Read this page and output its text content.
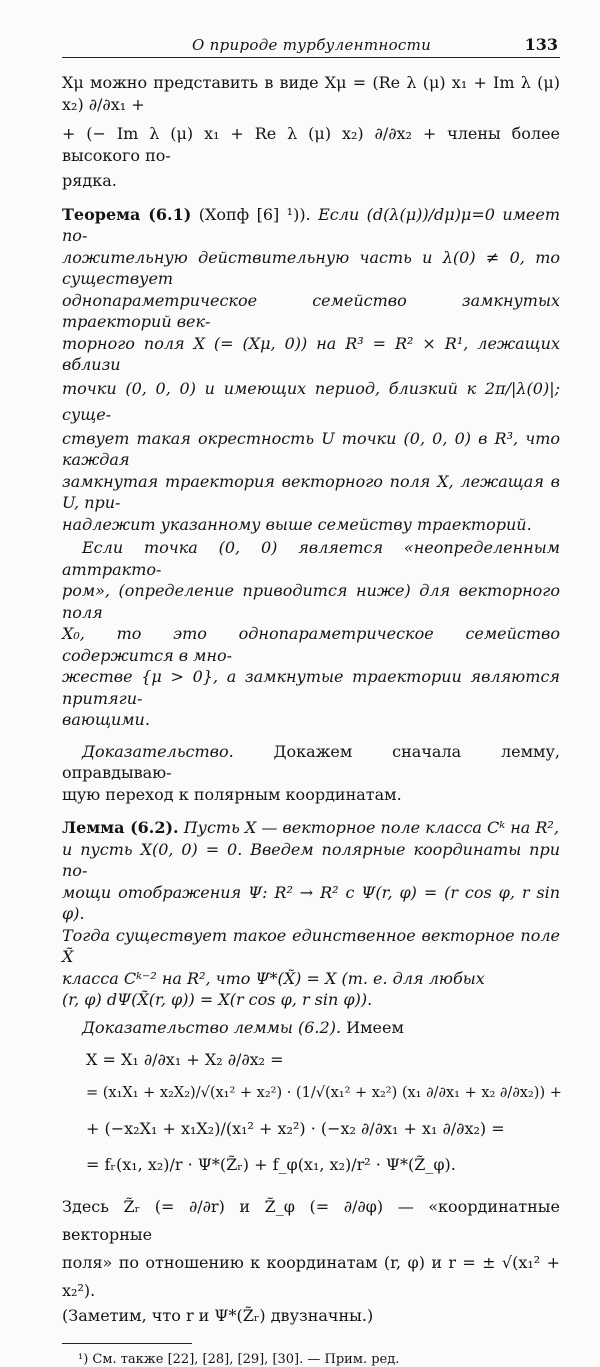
О природе турбулентности	133

Xμ можно представить в виде Xμ = (Re λ (μ) x₁ + Im λ (μ) x₂) ∂/∂x₁ +

+ (− Im λ (μ) x₁ + Re λ (μ) x₂) ∂/∂x₂ + члены более высокого по-

рядка.

Теорема (6.1) (Хопф [6] ¹)). Если (d(λ(μ))/dμ)μ=0 имеет по-

ложительную действительную часть и λ(0) ≠ 0, то существует

однопараметрическое семейство замкнутых траекторий век-

торного поля X (= (Xμ, 0)) на R³ = R² × R¹, лежащих вблизи

точки (0, 0, 0) и имеющих период, близкий к 2π/|λ(0)|; суще-

ствует такая окрестность U точки (0, 0, 0) в R³, что каждая

замкнутая траектория векторного поля X, лежащая в U, при-

надлежит указанному выше семейству траекторий.

Если точка (0, 0) является «неопределенным аттракто-

ром», (определение приводится ниже) для векторного поля

X₀, то это однопараметрическое семейство содержится в мно-

жестве {μ > 0}, а замкнутые траектории являются притяги-

вающими.

Доказательство. Докажем сначала лемму, оправдываю-

щую переход к полярным координатам.

Лемма (6.2). Пусть X — векторное поле класса Cᵏ на R²,

и пусть X(0, 0) = 0. Введем полярные координаты при по-

мощи отображения Ψ: R² → R² с Ψ(r, φ) = (r cos φ, r sin φ).

Тогда существует такое единственное векторное поле X̃

класса Cᵏ⁻² на R², что Ψ*(X̃) = X (т. е. для любых

(r, φ) dΨ(X̃(r, φ)) = X(r cos φ, r sin φ)).

Доказательство леммы (6.2). Имеем

X = X₁ ∂/∂x₁ + X₂ ∂/∂x₂ =
= (x₁X₁ + x₂X₂)/√(x₁² + x₂²) · (1/√(x₁² + x₂²) (x₁ ∂/∂x₁ + x₂ ∂/∂x₂)) +
+ (−x₂X₁ + x₁X₂)/(x₁² + x₂²) · (−x₂ ∂/∂x₁ + x₁ ∂/∂x₂) =
= fᵣ(x₁, x₂)/r · Ψ*(Z̃ᵣ) + f_φ(x₁, x₂)/r² · Ψ*(Z̃_φ).

Здесь Z̃ᵣ (= ∂/∂r) и Z̃_φ (= ∂/∂φ) — «координатные векторные

поля» по отношению к координатам (r, φ) и r = ± √(x₁² + x₂²).

(Заметим, что r и Ψ*(Z̃ᵣ) двузначны.)

¹) См. также [22], [28], [29], [30]. — Прим. ред.
